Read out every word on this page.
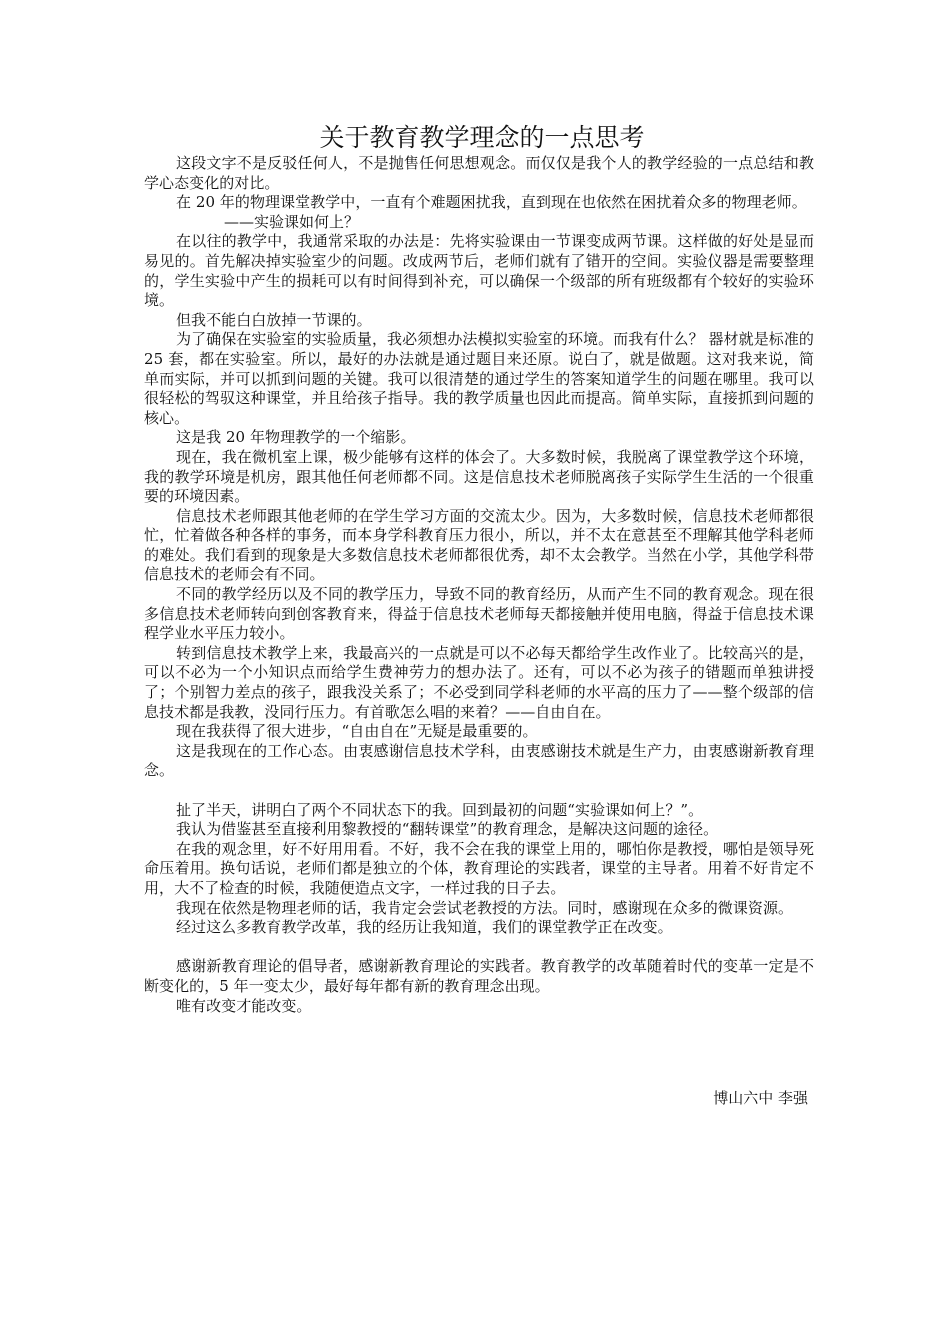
关于教育教学理念的一点思考

这段文字不是反驳任何人，不是抛售任何思想观念。而仅仅是我个人的教学经验的一点总结和教学心态变化的对比。

在 20 年的物理课堂教学中，一直有个难题困扰我，直到现在也依然在困扰着众多的物理老师。

——实验课如何上？

在以往的教学中，我通常采取的办法是：先将实验课由一节课变成两节课。这样做的好处是显而易见的。首先解决掉实验室少的问题。改成两节后，老师们就有了错开的空间。实验仪器是需要整理的，学生实验中产生的损耗可以有时间得到补充，可以确保一个级部的所有班级都有个较好的实验环境。

但我不能白白放掉一节课的。

为了确保在实验室的实验质量，我必须想办法模拟实验室的环境。而我有什么？ 器材就是标准的 25 套，都在实验室。所以，最好的办法就是通过题目来还原。说白了，就是做题。这对我来说，简单而实际，并可以抓到问题的关键。我可以很清楚的通过学生的答案知道学生的问题在哪里。我可以很轻松的驾驭这种课堂，并且给孩子指导。我的教学质量也因此而提高。简单实际，直接抓到问题的核心。

这是我 20 年物理教学的一个缩影。

现在，我在微机室上课，极少能够有这样的体会了。大多数时候，我脱离了课堂教学这个环境，我的教学环境是机房，跟其他任何老师都不同。这是信息技术老师脱离孩子实际学生生活的一个很重要的环境因素。

信息技术老师跟其他老师的在学生学习方面的交流太少。因为，大多数时候，信息技术老师都很忙，忙着做各种各样的事务，而本身学科教育压力很小，所以，并不太在意甚至不理解其他学科老师的难处。我们看到的现象是大多数信息技术老师都很优秀，却不太会教学。当然在小学，其他学科带信息技术的老师会有不同。

不同的教学经历以及不同的教学压力，导致不同的教育经历，从而产生不同的教育观念。现在很多信息技术老师转向到创客教育来，得益于信息技术老师每天都接触并使用电脑，得益于信息技术课程学业水平压力较小。

转到信息技术教学上来，我最高兴的一点就是可以不必每天都给学生改作业了。比较高兴的是，可以不必为一个小知识点而给学生费神劳力的想办法了。还有，可以不必为孩子的错题而单独讲授了；个别智力差点的孩子，跟我没关系了；不必受到同学科老师的水平高的压力了——整个级部的信息技术都是我教，没同行压力。有首歌怎么唱的来着？——自由自在。

现在我获得了很大进步，“自由自在”无疑是最重要的。

这是我现在的工作心态。由衷感谢信息技术学科，由衷感谢技术就是生产力，由衷感谢新教育理念。

扯了半天，讲明白了两个不同状态下的我。回到最初的问题“实验课如何上？”。

我认为借鉴甚至直接利用黎教授的“翻转课堂”的教育理念，是解决这问题的途径。

在我的观念里，好不好用用看。不好，我不会在我的课堂上用的，哪怕你是教授，哪怕是领导死命压着用。换句话说，老师们都是独立的个体，教育理论的实践者，课堂的主导者。用着不好肯定不用，大不了检查的时候，我随便造点文字，一样过我的日子去。

我现在依然是物理老师的话，我肯定会尝试老教授的方法。同时，感谢现在众多的微课资源。

经过这么多教育教学改革，我的经历让我知道，我们的课堂教学正在改变。

感谢新教育理论的倡导者，感谢新教育理论的实践者。教育教学的改革随着时代的变革一定是不断变化的，5 年一变太少，最好每年都有新的教育理念出现。

唯有改变才能改变。

博山六中 李强
